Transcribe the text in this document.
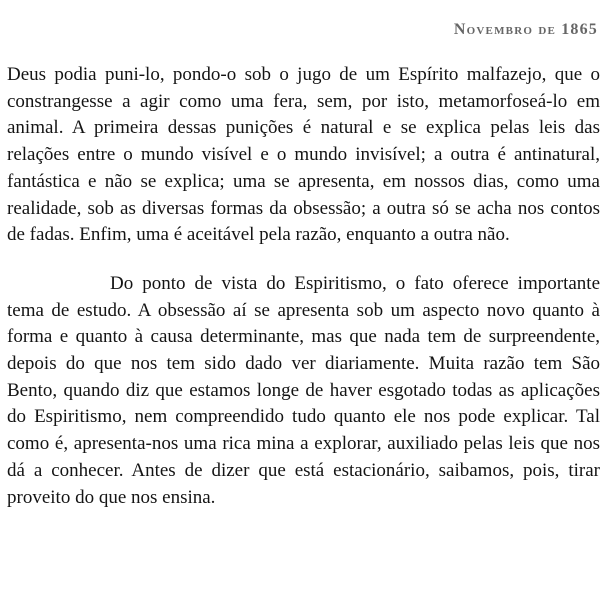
Novembro de 1865

Deus podia puni-lo, pondo-o sob o jugo de um Espírito malfazejo, que o constrangesse a agir como uma fera, sem, por isto, metamorfoseá-lo em animal. A primeira dessas punições é natural e se explica pelas leis das relações entre o mundo visível e o mundo invisível; a outra é antinatural, fantástica e não se explica; uma se apresenta, em nossos dias, como uma realidade, sob as diversas formas da obsessão; a outra só se acha nos contos de fadas. Enfim, uma é aceitável pela razão, enquanto a outra não.

Do ponto de vista do Espiritismo, o fato oferece importante tema de estudo. A obsessão aí se apresenta sob um aspecto novo quanto à forma e quanto à causa determinante, mas que nada tem de surpreendente, depois do que nos tem sido dado ver diariamente. Muita razão tem São Bento, quando diz que estamos longe de haver esgotado todas as aplicações do Espiritismo, nem compreendido tudo quanto ele nos pode explicar. Tal como é, apresenta-nos uma rica mina a explorar, auxiliado pelas leis que nos dá a conhecer. Antes de dizer que está estacionário, saibamos, pois, tirar proveito do que nos ensina.
